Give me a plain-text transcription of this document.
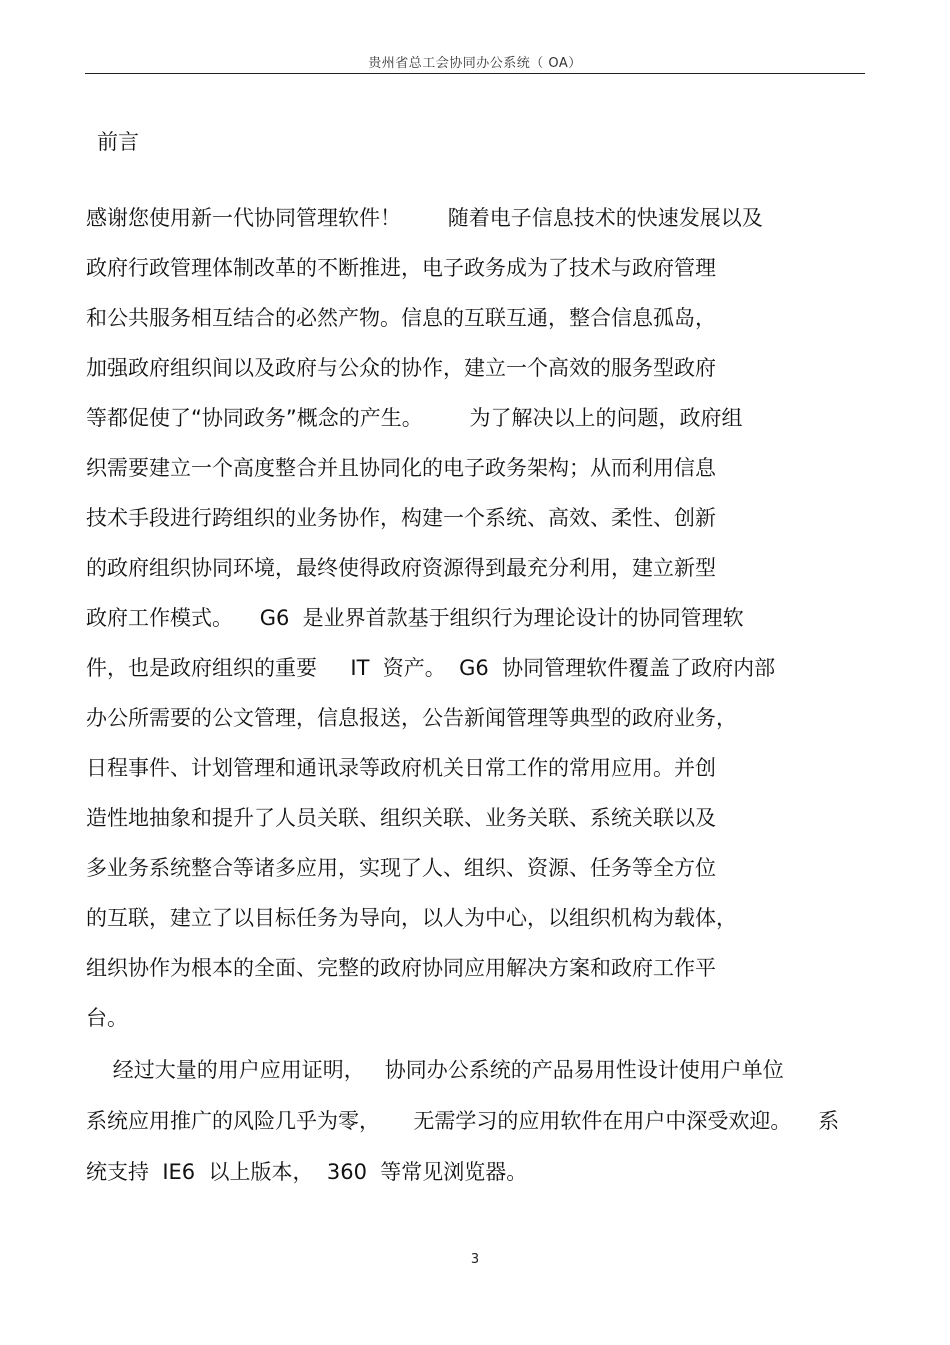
贵州省总工会协同办公系统（ OA）
前言
感谢您使用新一代协同管理软件！       随着电子信息技术的快速发展以及
政府行政管理体制改革的不断推进，电子政务成为了技术与政府管理
和公共服务相互结合的必然产物。信息的互联互通，整合信息孤岛，
加强政府组织间以及政府与公众的协作，建立一个高效的服务型政府
等都促使了“协同政务”概念的产生。       为了解决以上的问题，政府组
织需要建立一个高度整合并且协同化的电子政务架构；从而利用信息
技术手段进行跨组织的业务协作，构建一个系统、高效、柔性、创新
的政府组织协同环境，最终使得政府资源得到最充分利用，建立新型
政府工作模式。    G6  是业界首款基于组织行为理论设计的协同管理软
件，也是政府组织的重要     IT  资产。  G6  协同管理软件覆盖了政府内部
办公所需要的公文管理，信息报送，公告新闻管理等典型的政府业务，
日程事件、计划管理和通讯录等政府机关日常工作的常用应用。并创
造性地抽象和提升了人员关联、组织关联、业务关联、系统关联以及
多业务系统整合等诸多应用，实现了人、组织、资源、任务等全方位
的互联，建立了以目标任务为导向，以人为中心，以组织机构为载体，
组织协作为根本的全面、完整的政府协同应用解决方案和政府工作平
台。
经过大量的用户应用证明，   协同办公系统的产品易用性设计使用户单位
系统应用推广的风险几乎为零，     无需学习的应用软件在用户中深受欢迎。    系
统支持  IE6  以上版本，  360  等常见浏览器。
3
